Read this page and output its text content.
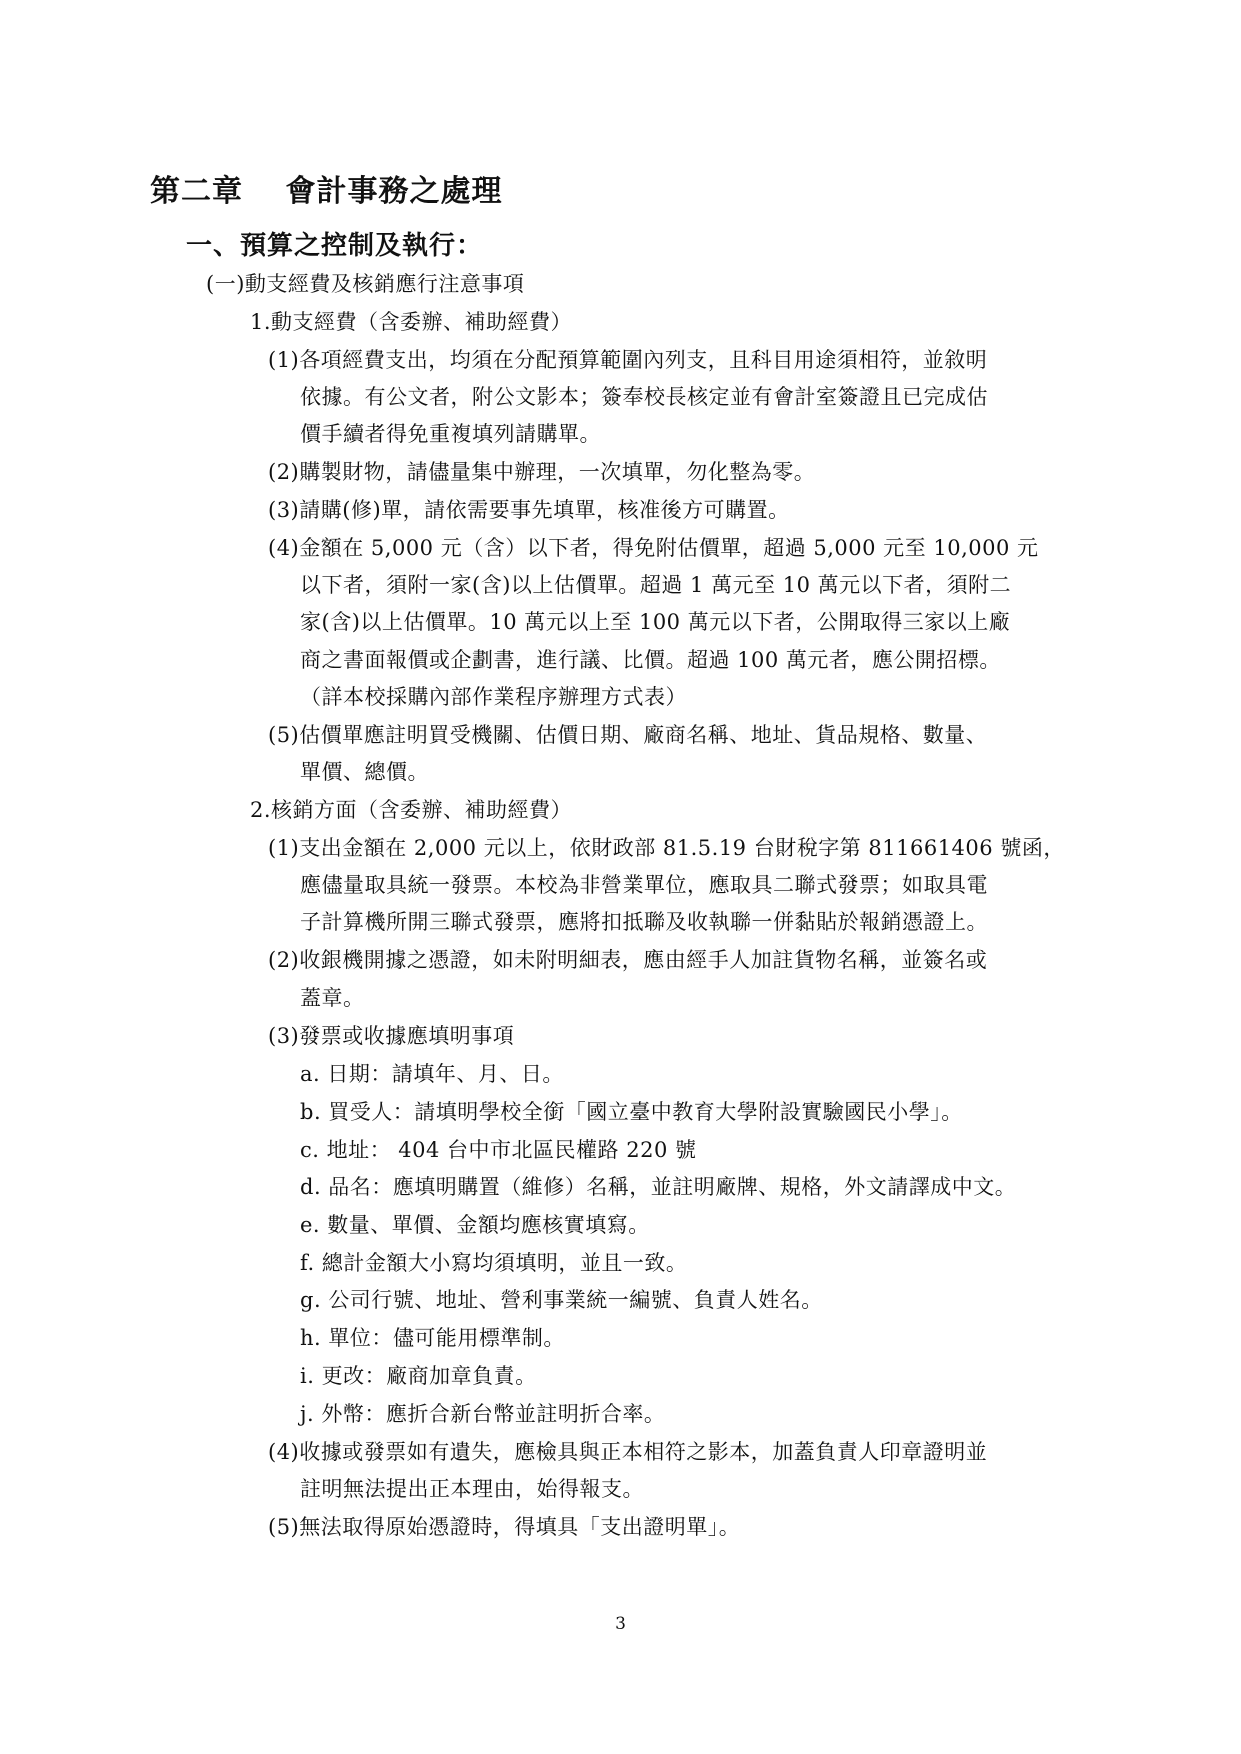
第二章　 會計事務之處理
一、預算之控制及執行：
(一)動支經費及核銷應行注意事項
1.動支經費（含委辦、補助經費）
(1)各項經費支出，均須在分配預算範圍內列支，且科目用途須相符，並敘明
依據。有公文者，附公文影本；簽奉校長核定並有會計室簽證且已完成估
價手續者得免重複填列請購單。
(2)購製財物，請儘量集中辦理，一次填單，勿化整為零。
(3)請購(修)單，請依需要事先填單，核准後方可購置。
(4)金額在 5,000 元（含）以下者，得免附估價單，超過 5,000 元至 10,000 元
以下者，須附一家(含)以上估價單。超過 1 萬元至 10 萬元以下者，須附二
家(含)以上估價單。10 萬元以上至 100 萬元以下者，公開取得三家以上廠
商之書面報價或企劃書，進行議、比價。超過 100 萬元者，應公開招標。
（詳本校採購內部作業程序辦理方式表）
(5)估價單應註明買受機關、估價日期、廠商名稱、地址、貨品規格、數量、
單價、總價。
2.核銷方面（含委辦、補助經費）
(1)支出金額在 2,000 元以上，依財政部 81.5.19 台財稅字第 811661406 號函，
應儘量取具統一發票。本校為非營業單位，應取具二聯式發票；如取具電
子計算機所開三聯式發票，應將扣抵聯及收執聯一併黏貼於報銷憑證上。
(2)收銀機開據之憑證，如未附明細表，應由經手人加註貨物名稱，並簽名或
蓋章。
(3)發票或收據應填明事項
a. 日期：請填年、月、日。
b. 買受人：請填明學校全銜「國立臺中教育大學附設實驗國民小學」。
c. 地址： 404 台中市北區民權路 220 號
d. 品名：應填明購置（維修）名稱，並註明廠牌、規格，外文請譯成中文。
e. 數量、單價、金額均應核實填寫。
f. 總計金額大小寫均須填明，並且一致。
g. 公司行號、地址、營利事業統一編號、負責人姓名。
h. 單位：儘可能用標準制。
i. 更改：廠商加章負責。
j. 外幣：應折合新台幣並註明折合率。
(4)收據或發票如有遺失，應檢具與正本相符之影本，加蓋負責人印章證明並
註明無法提出正本理由，始得報支。
(5)無法取得原始憑證時，得填具「支出證明單」。
3
